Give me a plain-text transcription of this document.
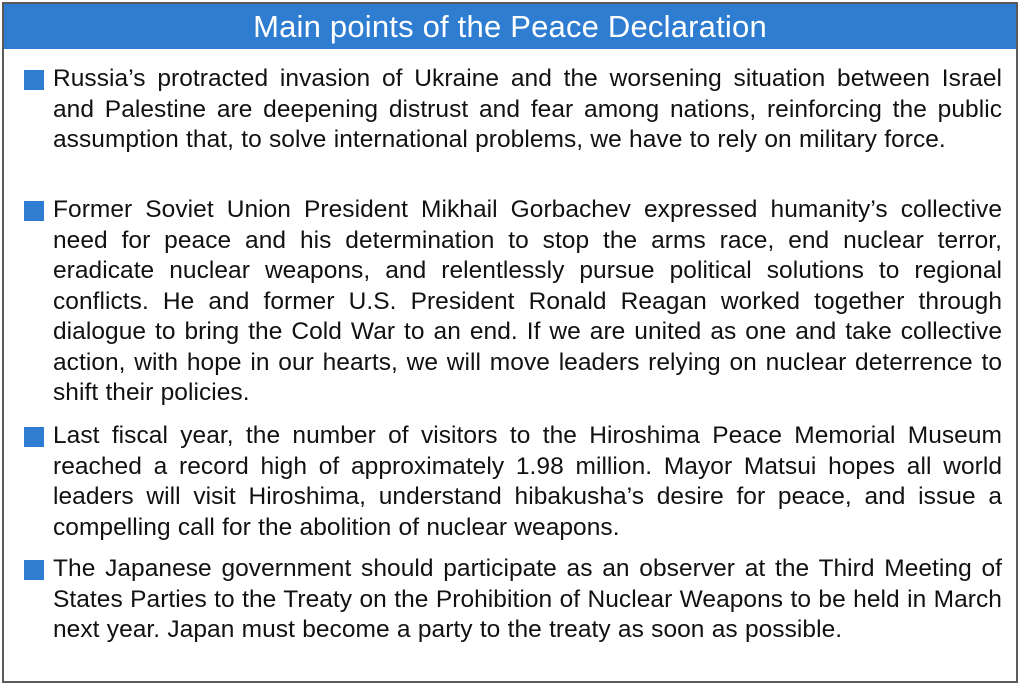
Main points of the Peace Declaration

Russia’s protracted invasion of Ukraine and the worsening situation between Israel and Palestine are deepening distrust and fear among nations, reinforcing the public assumption that, to solve international problems, we have to rely on military force.

Former Soviet Union President Mikhail Gorbachev expressed humanity’s collective need for peace and his determination to stop the arms race, end nuclear terror, eradicate nuclear weapons, and relentlessly pursue political solutions to regional conflicts. He and former U.S. President Ronald Reagan worked together through dialogue to bring the Cold War to an end. If we are united as one and take collective action, with hope in our hearts, we will move leaders relying on nuclear deterrence to shift their policies.

Last fiscal year, the number of visitors to the Hiroshima Peace Memorial Museum reached a record high of approximately 1.98 million. Mayor Matsui hopes all world leaders will visit Hiroshima, understand hibakusha’s desire for peace, and issue a compelling call for the abolition of nuclear weapons.

The Japanese government should participate as an observer at the Third Meeting of States Parties to the Treaty on the Prohibition of Nuclear Weapons to be held in March next year. Japan must become a party to the treaty as soon as possible.
